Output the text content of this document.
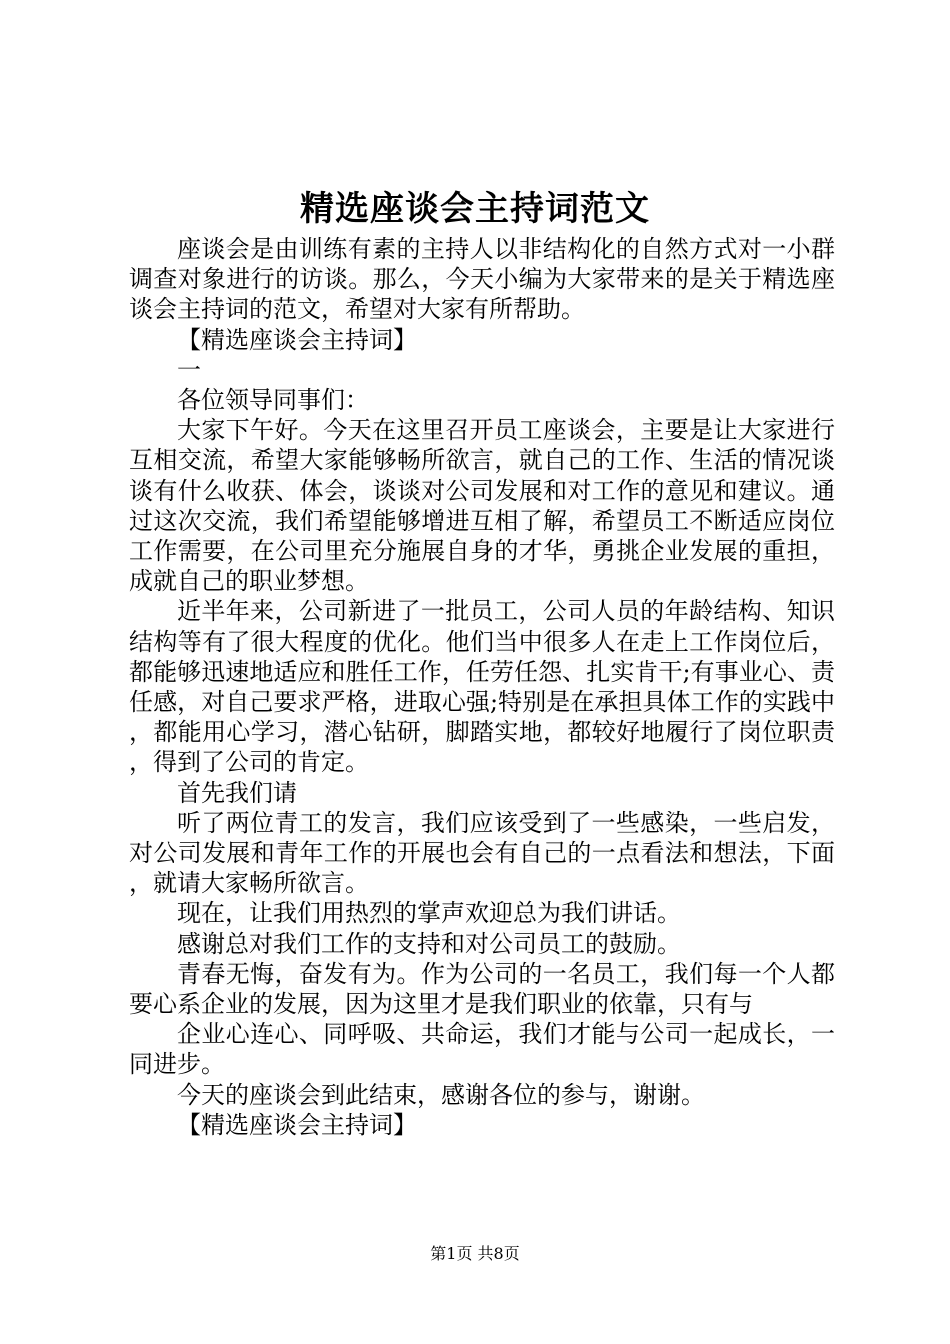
精选座谈会主持词范文

座谈会是由训练有素的主持人以非结构化的自然方式对一小群调查对象进行的访谈。那么，今天小编为大家带来的是关于精选座谈会主持词的范文，希望对大家有所帮助。

【精选座谈会主持词】

一

各位领导同事们：

大家下午好。今天在这里召开员工座谈会，主要是让大家进行互相交流，希望大家能够畅所欲言，就自己的工作、生活的情况谈谈有什么收获、体会，谈谈对公司发展和对工作的意见和建议。通过这次交流，我们希望能够增进互相了解，希望员工不断适应岗位工作需要，在公司里充分施展自身的才华，勇挑企业发展的重担，成就自己的职业梦想。

近半年来，公司新进了一批员工，公司人员的年龄结构、知识结构等有了很大程度的优化。他们当中很多人在走上工作岗位后，都能够迅速地适应和胜任工作，任劳任怨、扎实肯干;有事业心、责任感，对自己要求严格，进取心强;特别是在承担具体工作的实践中，都能用心学习，潜心钻研，脚踏实地，都较好地履行了岗位职责，得到了公司的肯定。

首先我们请

听了两位青工的发言，我们应该受到了一些感染，一些启发，对公司发展和青年工作的开展也会有自己的一点看法和想法，下面，就请大家畅所欲言。

现在，让我们用热烈的掌声欢迎总为我们讲话。

感谢总对我们工作的支持和对公司员工的鼓励。

青春无悔，奋发有为。作为公司的一名员工，我们每一个人都要心系企业的发展，因为这里才是我们职业的依靠，只有与

企业心连心、同呼吸、共命运，我们才能与公司一起成长，一同进步。

今天的座谈会到此结束，感谢各位的参与，谢谢。

【精选座谈会主持词】

第1页 共8页
